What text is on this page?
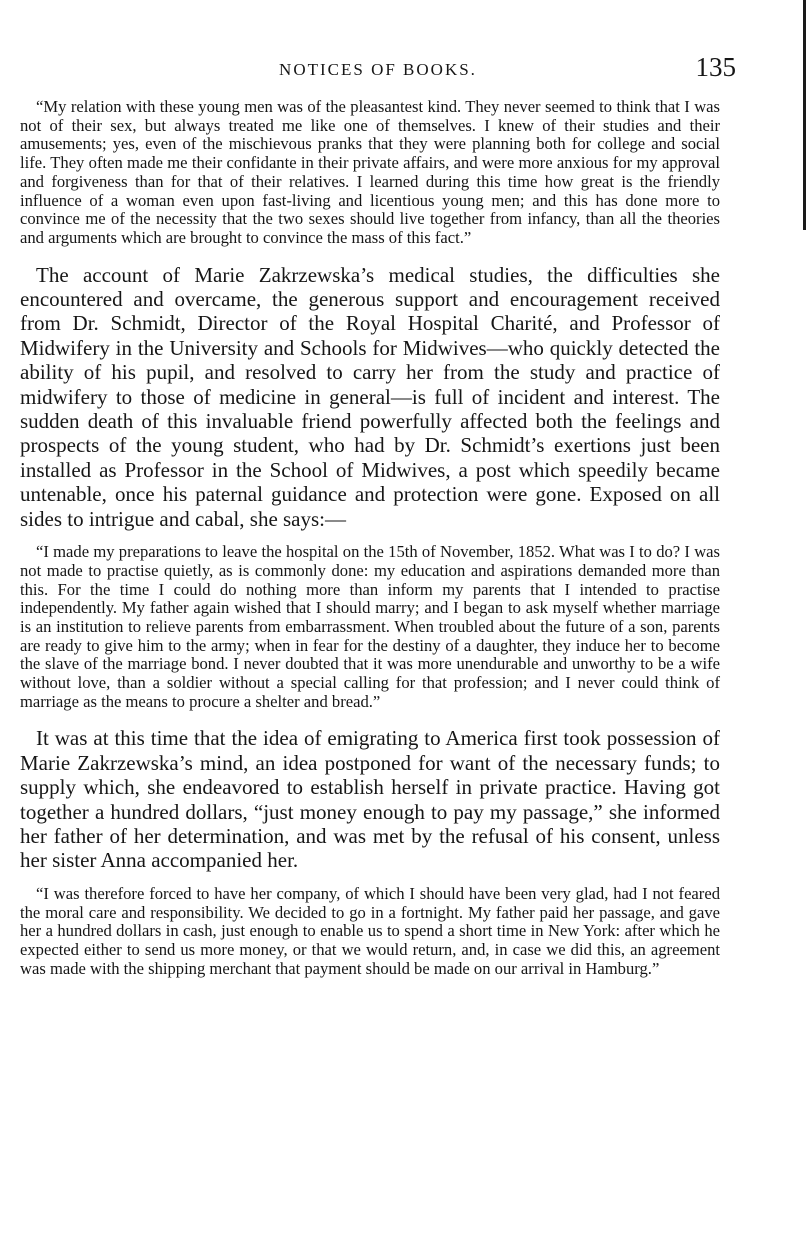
NOTICES OF BOOKS.	135

“My relation with these young men was of the pleasantest kind. They never seemed to think that I was not of their sex, but always treated me like one of themselves. I knew of their studies and their amusements; yes, even of the mischievous pranks that they were planning both for college and social life. They often made me their confidante in their private affairs, and were more anxious for my approval and forgiveness than for that of their relatives. I learned during this time how great is the friendly influence of a woman even upon fast-living and licentious young men; and this has done more to convince me of the necessity that the two sexes should live together from infancy, than all the theories and arguments which are brought to convince the mass of this fact.”

The account of Marie Zakrzewska’s medical studies, the difficulties she encountered and overcame, the generous support and encouragement received from Dr. Schmidt, Director of the Royal Hospital Charité, and Professor of Midwifery in the University and Schools for Midwives—who quickly detected the ability of his pupil, and resolved to carry her from the study and practice of midwifery to those of medicine in general—is full of incident and interest. The sudden death of this invaluable friend powerfully affected both the feelings and prospects of the young student, who had by Dr. Schmidt’s exertions just been installed as Professor in the School of Midwives, a post which speedily became untenable, once his paternal guidance and protection were gone. Exposed on all sides to intrigue and cabal, she says:—

“I made my preparations to leave the hospital on the 15th of November, 1852. What was I to do? I was not made to practise quietly, as is commonly done: my education and aspirations demanded more than this. For the time I could do nothing more than inform my parents that I intended to practise independently. My father again wished that I should marry; and I began to ask myself whether marriage is an institution to relieve parents from embarrassment. When troubled about the future of a son, parents are ready to give him to the army; when in fear for the destiny of a daughter, they induce her to become the slave of the marriage bond. I never doubted that it was more unendurable and unworthy to be a wife without love, than a soldier without a special calling for that profession; and I never could think of marriage as the means to procure a shelter and bread.”

It was at this time that the idea of emigrating to America first took possession of Marie Zakrzewska’s mind, an idea postponed for want of the necessary funds; to supply which, she endeavored to establish herself in private practice. Having got together a hundred dollars, “just money enough to pay my passage,” she informed her father of her determination, and was met by the refusal of his consent, unless her sister Anna accompanied her.

“I was therefore forced to have her company, of which I should have been very glad, had I not feared the moral care and responsibility. We decided to go in a fortnight. My father paid her passage, and gave her a hundred dollars in cash, just enough to enable us to spend a short time in New York: after which he expected either to send us more money, or that we would return, and, in case we did this, an agreement was made with the shipping merchant that payment should be made on our arrival in Hamburg.”
